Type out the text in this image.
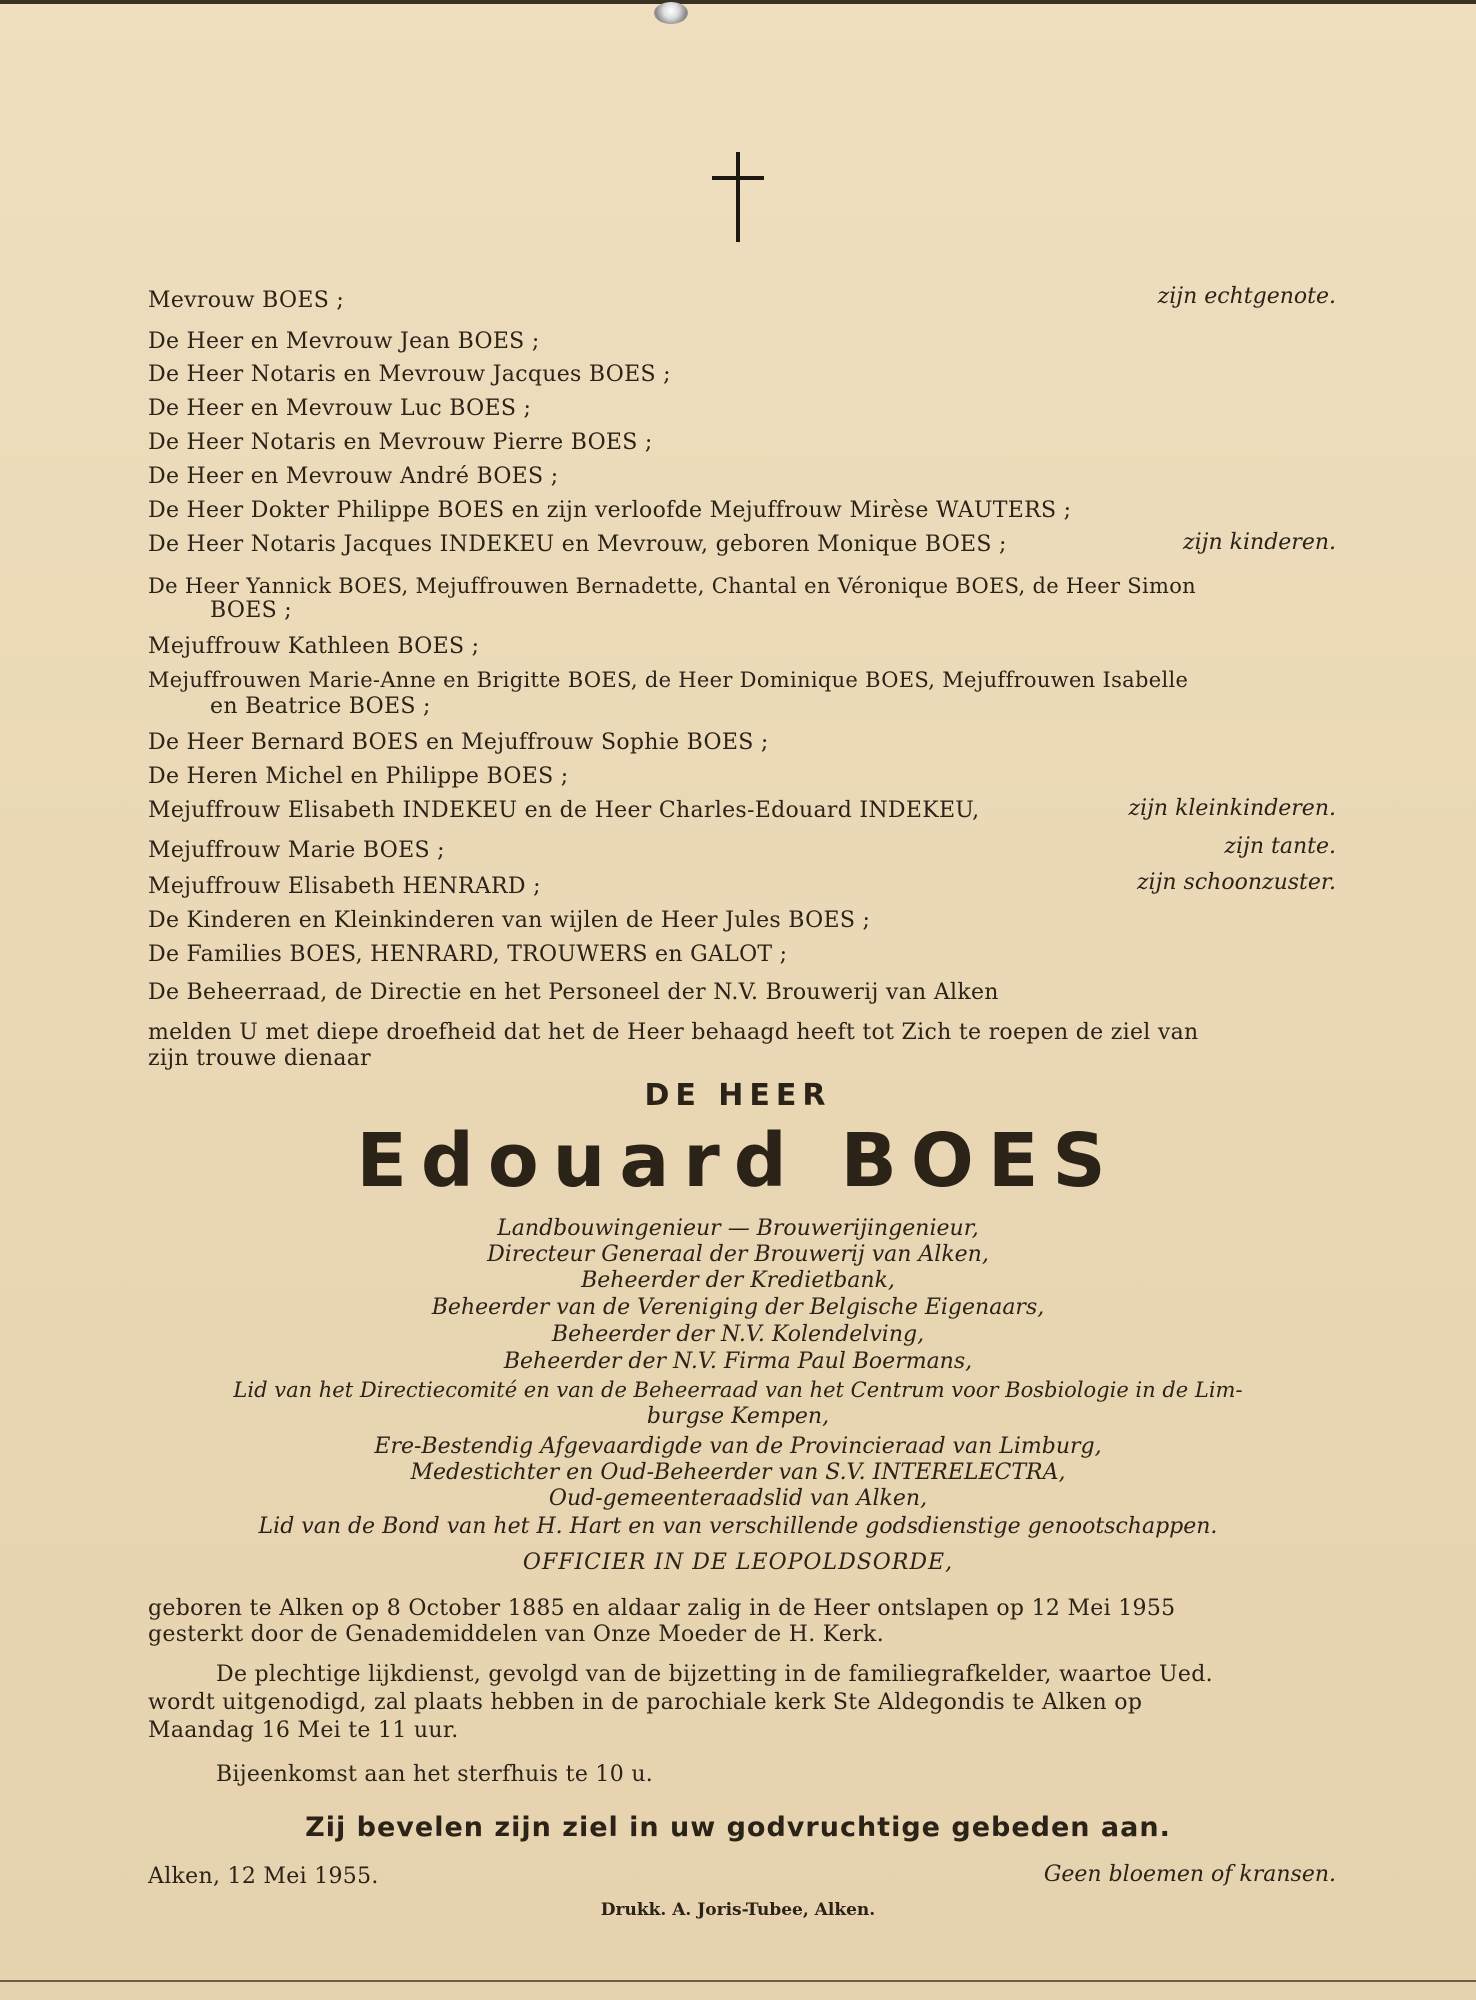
Mevrouw BOES ;	zijn echtgenote.
De Heer en Mevrouw Jean BOES ;
De Heer Notaris en Mevrouw Jacques BOES ;
De Heer en Mevrouw Luc BOES ;
De Heer Notaris en Mevrouw Pierre BOES ;
De Heer en Mevrouw André BOES ;
De Heer Dokter Philippe BOES en zijn verloofde Mejuffrouw Mirèse WAUTERS ;
De Heer Notaris Jacques INDEKEU en Mevrouw, geboren Monique BOES ;	zijn kinderen.
De Heer Yannick BOES, Mejuffrouwen Bernadette, Chantal en Véronique BOES, de Heer Simon
BOES ;
Mejuffrouw Kathleen BOES ;
Mejuffrouwen Marie-Anne en Brigitte BOES, de Heer Dominique BOES, Mejuffrouwen Isabelle
en Beatrice BOES ;
De Heer Bernard BOES en Mejuffrouw Sophie BOES ;
De Heren Michel en Philippe BOES ;
Mejuffrouw Elisabeth INDEKEU en de Heer Charles-Edouard INDEKEU,	zijn kleinkinderen.
Mejuffrouw Marie BOES ;	zijn tante.
Mejuffrouw Elisabeth HENRARD ;	zijn schoonzuster.
De Kinderen en Kleinkinderen van wijlen de Heer Jules BOES ;
De Families BOES, HENRARD, TROUWERS en GALOT ;
De Beheerraad, de Directie en het Personeel der N.V. Brouwerij van Alken
melden U met diepe droefheid dat het de Heer behaagd heeft tot Zich te roepen de ziel van
zijn trouwe dienaar
DE HEER
Edouard BOES
Landbouwingenieur — Brouwerijingenieur,
Directeur Generaal der Brouwerij van Alken,
Beheerder der Kredietbank,
Beheerder van de Vereniging der Belgische Eigenaars,
Beheerder der N.V. Kolendelving,
Beheerder der N.V. Firma Paul Boermans,
Lid van het Directiecomité en van de Beheerraad van het Centrum voor Bosbiologie in de Lim-
burgse Kempen,
Ere-Bestendig Afgevaardigde van de Provincieraad van Limburg,
Medestichter en Oud-Beheerder van S.V. INTERELECTRA,
Oud-gemeenteraadslid van Alken,
Lid van de Bond van het H. Hart en van verschillende godsdienstige genootschappen.
OFFICIER IN DE LEOPOLDSORDE,
geboren te Alken op 8 October 1885 en aldaar zalig in de Heer ontslapen op 12 Mei 1955
gesterkt door de Genademiddelen van Onze Moeder de H. Kerk.
De plechtige lijkdienst, gevolgd van de bijzetting in de familiegrafkelder, waartoe Ued.
wordt uitgenodigd, zal plaats hebben in de parochiale kerk Ste Aldegondis te Alken op
Maandag 16 Mei te 11 uur.
Bijeenkomst aan het sterfhuis te 10 u.
Zij bevelen zijn ziel in uw godvruchtige gebeden aan.
Alken, 12 Mei 1955.	Geen bloemen of kransen.
Drukk. A. Joris-Tubee, Alken.
